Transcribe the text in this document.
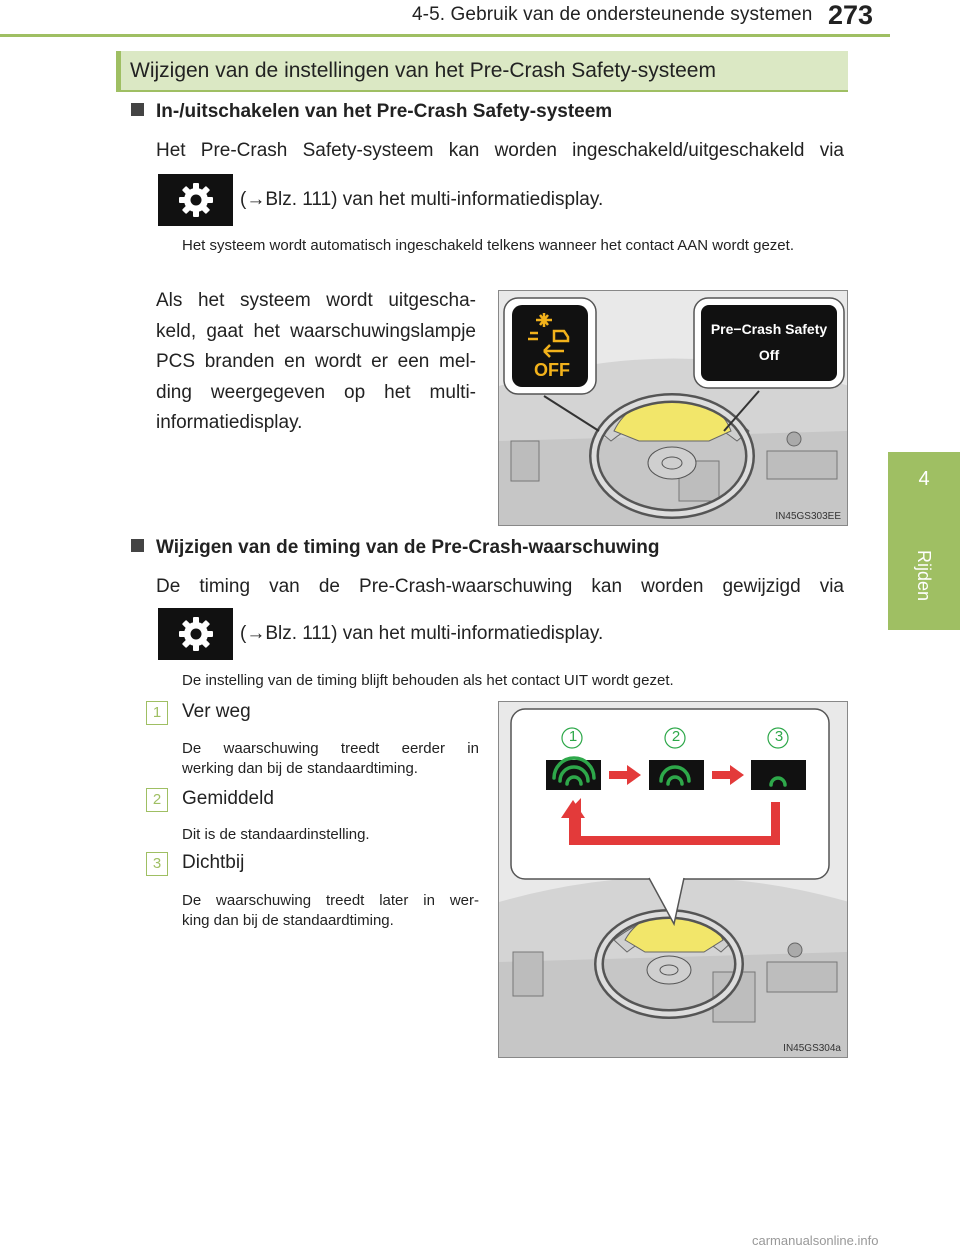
4-5. Gebruik van de ondersteunende systemen 273
4
Rijden
Wijzigen van de instellingen van het Pre-Crash Safety-systeem
In-/uitschakelen van het Pre-Crash Safety-systeem
Het Pre-Crash Safety-systeem kan worden ingeschakeld/uitgeschakeld via
(→Blz. 111) van het multi-informatiedisplay.
Het systeem wordt automatisch ingeschakeld telkens wanneer het contact AAN wordt gezet.
Als het systeem wordt uitgescha-
keld, gaat het waarschuwingslampje
PCS branden en wordt er een mel-
ding weergegeven op het multi-
informatiedisplay.
OFF
Pre−Crash Safety
Off
IN45GS303EE
Wijzigen van de timing van de Pre-Crash-waarschuwing
De timing van de Pre-Crash-waarschuwing kan worden gewijzigd via
(→Blz. 111) van het multi-informatiedisplay.
De instelling van de timing blijft behouden als het contact UIT wordt gezet.
1	Ver weg
De waarschuwing treedt eerder in
werking dan bij de standaardtiming.
2	Gemiddeld
Dit is de standaardinstelling.
3	Dichtbij
De waarschuwing treedt later in wer-
king dan bij de standaardtiming.
1	2	3
IN45GS304a
carmanualsonline.info
